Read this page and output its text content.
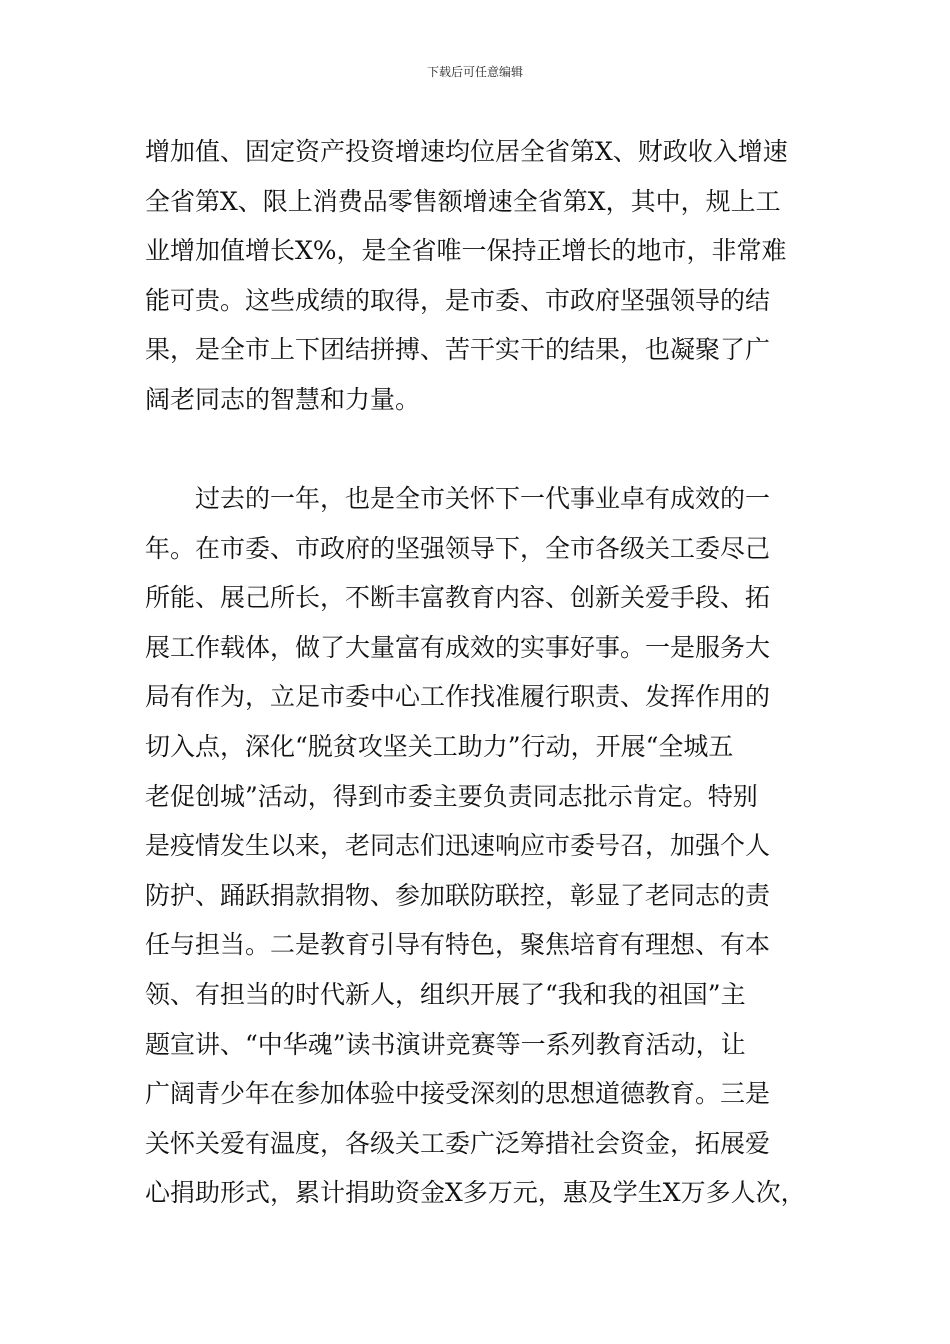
下载后可任意编辑
增加值、固定资产投资增速均位居全省第X、财政收入增速
全省第X、限上消费品零售额增速全省第X，其中，规上工
业增加值增长X%，是全省唯一保持正增长的地市，非常难
能可贵。这些成绩的取得，是市委、市政府坚强领导的结
果，是全市上下团结拼搏、苦干实干的结果，也凝聚了广
阔老同志的智慧和力量。
过去的一年，也是全市关怀下一代事业卓有成效的一
年。在市委、市政府的坚强领导下，全市各级关工委尽己
所能、展己所长，不断丰富教育内容、创新关爱手段、拓
展工作载体，做了大量富有成效的实事好事。一是服务大
局有作为，立足市委中心工作找准履行职责、发挥作用的
切入点，深化“脱贫攻坚关工助力”行动，开展“全城五
老促创城”活动，得到市委主要负责同志批示肯定。特别
是疫情发生以来，老同志们迅速响应市委号召，加强个人
防护、踊跃捐款捐物、参加联防联控，彰显了老同志的责
任与担当。二是教育引导有特色，聚焦培育有理想、有本
领、有担当的时代新人，组织开展了“我和我的祖国”主
题宣讲、“中华魂”读书演讲竞赛等一系列教育活动，让
广阔青少年在参加体验中接受深刻的思想道德教育。三是
关怀关爱有温度，各级关工委广泛筹措社会资金，拓展爱
心捐助形式，累计捐助资金X多万元，惠及学生X万多人次，
